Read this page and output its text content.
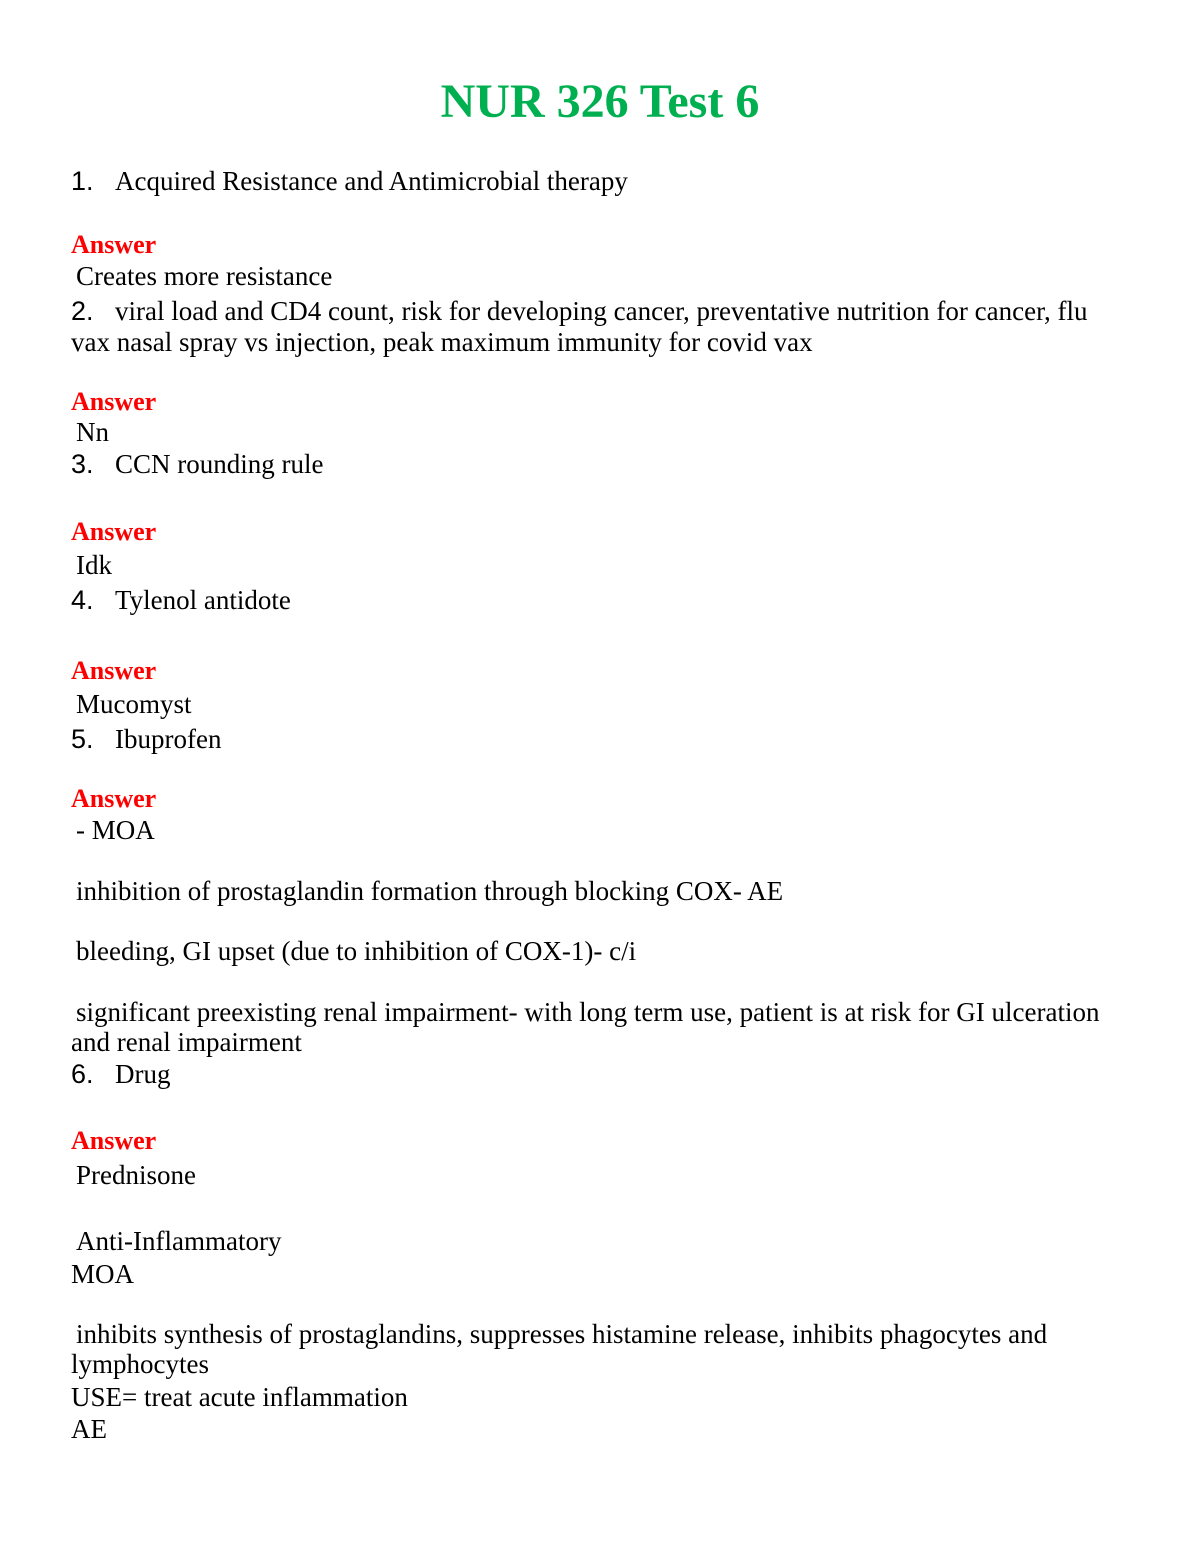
NUR 326 Test 6
1. Acquired Resistance and Antimicrobial therapy
Answer
Creates more resistance
2. viral load and CD4 count, risk for developing cancer, preventative nutrition for cancer, flu
vax nasal spray vs injection, peak maximum immunity for covid vax
Answer
Nn
3. CCN rounding rule
Answer
Idk
4. Tylenol antidote
Answer
Mucomyst
5. Ibuprofen
Answer
- MOA
inhibition of prostaglandin formation through blocking COX- AE
bleeding, GI upset (due to inhibition of COX-1)- c/i
significant preexisting renal impairment- with long term use, patient is at risk for GI ulceration
and renal impairment
6. Drug
Answer
Prednisone
Anti-Inflammatory
MOA
inhibits synthesis of prostaglandins, suppresses histamine release, inhibits phagocytes and
lymphocytes
USE= treat acute inflammation
AE
